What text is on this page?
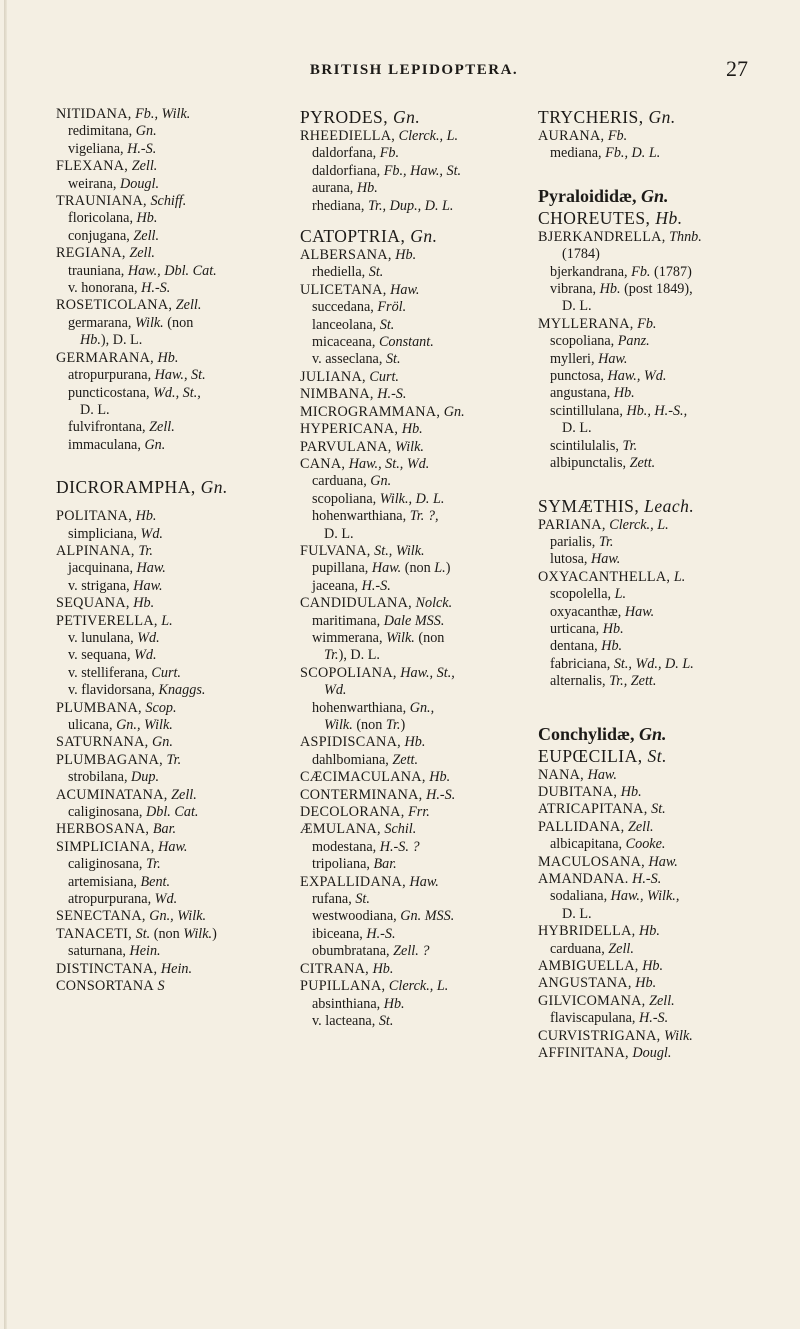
BRITISH LEPIDOPTERA.	27
NITIDANA, Fb., Wilk.
redimitana, Gn.
vigeliana, H.-S.
FLEXANA, Zell.
weirana, Dougl.
TRAUNIANA, Schiff.
floricolana, Hb.
conjugana, Zell.
REGIANA, Zell.
trauniana, Haw., Dbl. Cat.
v. honorana, H.-S.
ROSETICOLANA, Zell.
germarana, Wilk. (non
Hb.), D. L.
GERMARANA, Hb.
atropurpurana, Haw., St.
puncticostana, Wd., St.,
D. L.
fulvifrontana, Zell.
immaculana, Gn.
DICRORAMPHA, Gn.
POLITANA, Hb.
simpliciana, Wd.
ALPINANA, Tr.
jacquinana, Haw.
v. strigana, Haw.
SEQUANA, Hb.
PETIVERELLA, L.
v. lunulana, Wd.
v. sequana, Wd.
v. stelliferana, Curt.
v. flavidorsana, Knaggs.
PLUMBANA, Scop.
ulicana, Gn., Wilk.
SATURNANA, Gn.
PLUMBAGANA, Tr.
strobilana, Dup.
ACUMINATANA, Zell.
caliginosana, Dbl. Cat.
HERBOSANA, Bar.
SIMPLICIANA, Haw.
caliginosana, Tr.
artemisiana, Bent.
atropurpurana, Wd.
SENECTANA, Gn., Wilk.
TANACETI, St. (non Wilk.)
saturnana, Hein.
DISTINCTANA, Hein.
CONSORTANA S
PYRODES, Gn.
RHEEDIELLA, Clerck., L.
daldorfana, Fb.
daldorfiana, Fb., Haw., St.
aurana, Hb.
rhediana, Tr., Dup., D. L.
CATOPTRIA, Gn.
ALBERSANA, Hb.
rhediella, St.
ULICETANA, Haw.
succedana, Fröl.
lanceolana, St.
micaceana, Constant.
v. asseclana, St.
JULIANA, Curt.
NIMBANA, H.-S.
MICROGRAMMANA, Gn.
HYPERICANA, Hb.
PARVULANA, Wilk.
CANA, Haw., St., Wd.
carduana, Gn.
scopoliana, Wilk., D. L.
hohenwarthiana, Tr. ?,
D. L.
FULVANA, St., Wilk.
pupillana, Haw. (non L.)
jaceana, H.-S.
CANDIDULANA, Nolck.
maritimana, Dale MSS.
wimmerana, Wilk. (non
Tr.), D. L.
SCOPOLIANA, Haw., St.,
Wd.
hohenwarthiana, Gn.,
Wilk. (non Tr.)
ASPIDISCANA, Hb.
dahlbomiana, Zett.
CÆCIMACULANA, Hb.
CONTERMINANA, H.-S.
DECOLORANA, Frr.
ÆMULANA, Schil.
modestana, H.-S. ?
tripoliana, Bar.
EXPALLIDANA, Haw.
rufana, St.
westwoodiana, Gn. MSS.
ibiceana, H.-S.
obumbratana, Zell. ?
CITRANA, Hb.
PUPILLANA, Clerck., L.
absinthiana, Hb.
v. lacteana, St.
TRYCHERIS, Gn.
AURANA, Fb.
mediana, Fb., D. L.
Pyraloididæ, Gn.
CHOREUTES, Hb.
BJERKANDRELLA, Thnb.
(1784)
bjerkandrana, Fb. (1787)
vibrana, Hb. (post 1849),
D. L.
MYLLERANA, Fb.
scopoliana, Panz.
mylleri, Haw.
punctosa, Haw., Wd.
angustana, Hb.
scintillulana, Hb., H.-S.,
D. L.
scintilulalis, Tr.
albipunctalis, Zett.
SYMÆTHIS, Leach.
PARIANA, Clerck., L.
parialis, Tr.
lutosa, Haw.
OXYACANTHELLA, L.
scopolella, L.
oxyacanthæ, Haw.
urticana, Hb.
dentana, Hb.
fabriciana, St., Wd., D. L.
alternalis, Tr., Zett.
Conchylidæ, Gn.
EUPŒCILIA, St.
NANA, Haw.
DUBITANA, Hb.
ATRICAPITANA, St.
PALLIDANA, Zell.
albicapitana, Cooke.
MACULOSANA, Haw.
AMANDANA. H.-S.
sodaliana, Haw., Wilk.,
D. L.
HYBRIDELLA, Hb.
carduana, Zell.
AMBIGUELLA, Hb.
ANGUSTANA, Hb.
GILVICOMANA, Zell.
flaviscapulana, H.-S.
CURVISTRIGANA, Wilk.
AFFINITANA, Dougl.
